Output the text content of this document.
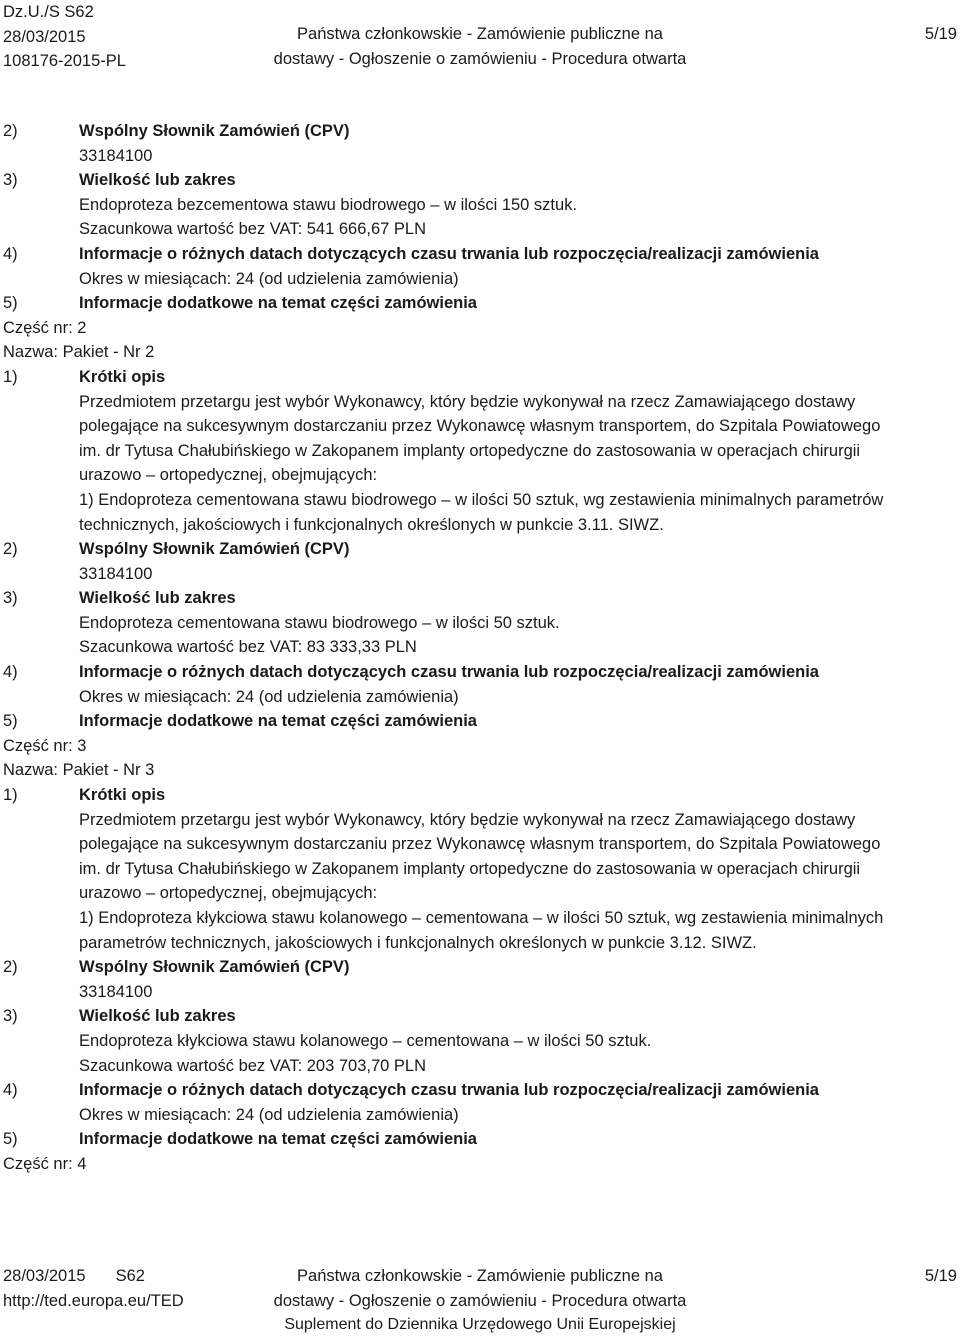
Dz.U./S S62
28/03/2015
108176-2015-PL
Państwa członkowskie - Zamówienie publiczne na
dostawy - Ogłoszenie o zamówieniu - Procedura otwarta
5/19
2)	Wspólny Słownik Zamówień (CPV)
33184100
3)	Wielkość lub zakres
Endoproteza bezcementowa stawu biodrowego – w ilości 150 sztuk.
Szacunkowa wartość bez VAT: 541 666,67 PLN
4)	Informacje o różnych datach dotyczących czasu trwania lub rozpoczęcia/realizacji zamówienia
Okres w miesiącach: 24 (od udzielenia zamówienia)
5)	Informacje dodatkowe na temat części zamówienia
Część nr: 2
Nazwa: Pakiet - Nr 2
1)	Krótki opis
Przedmiotem przetargu jest wybór Wykonawcy, który będzie wykonywał na rzecz Zamawiającego dostawy
polegające na sukcesywnym dostarczaniu przez Wykonawcę własnym transportem, do Szpitala Powiatowego
im. dr Tytusa Chałubińskiego w Zakopanem implanty ortopedyczne do zastosowania w operacjach chirurgii
urazowo – ortopedycznej, obejmujących:
1) Endoproteza cementowana stawu biodrowego – w ilości 50 sztuk, wg zestawienia minimalnych parametrów
technicznych, jakościowych i funkcjonalnych określonych w punkcie 3.11. SIWZ.
2)	Wspólny Słownik Zamówień (CPV)
33184100
3)	Wielkość lub zakres
Endoproteza cementowana stawu biodrowego – w ilości 50 sztuk.
Szacunkowa wartość bez VAT: 83 333,33 PLN
4)	Informacje o różnych datach dotyczących czasu trwania lub rozpoczęcia/realizacji zamówienia
Okres w miesiącach: 24 (od udzielenia zamówienia)
5)	Informacje dodatkowe na temat części zamówienia
Część nr: 3
Nazwa: Pakiet - Nr 3
1)	Krótki opis
Przedmiotem przetargu jest wybór Wykonawcy, który będzie wykonywał na rzecz Zamawiającego dostawy
polegające na sukcesywnym dostarczaniu przez Wykonawcę własnym transportem, do Szpitala Powiatowego
im. dr Tytusa Chałubińskiego w Zakopanem implanty ortopedyczne do zastosowania w operacjach chirurgii
urazowo – ortopedycznej, obejmujących:
1) Endoproteza kłykciowa stawu kolanowego – cementowana – w ilości 50 sztuk, wg zestawienia minimalnych
parametrów technicznych, jakościowych i funkcjonalnych określonych w punkcie 3.12. SIWZ.
2)	Wspólny Słownik Zamówień (CPV)
33184100
3)	Wielkość lub zakres
Endoproteza kłykciowa stawu kolanowego – cementowana – w ilości 50 sztuk.
Szacunkowa wartość bez VAT: 203 703,70 PLN
4)	Informacje o różnych datach dotyczących czasu trwania lub rozpoczęcia/realizacji zamówienia
Okres w miesiącach: 24 (od udzielenia zamówienia)
5)	Informacje dodatkowe na temat części zamówienia
Część nr: 4
28/03/2015 S62
http://ted.europa.eu/TED
Państwa członkowskie - Zamówienie publiczne na
dostawy - Ogłoszenie o zamówieniu - Procedura otwarta
Suplement do Dziennika Urzędowego Unii Europejskiej
5/19
